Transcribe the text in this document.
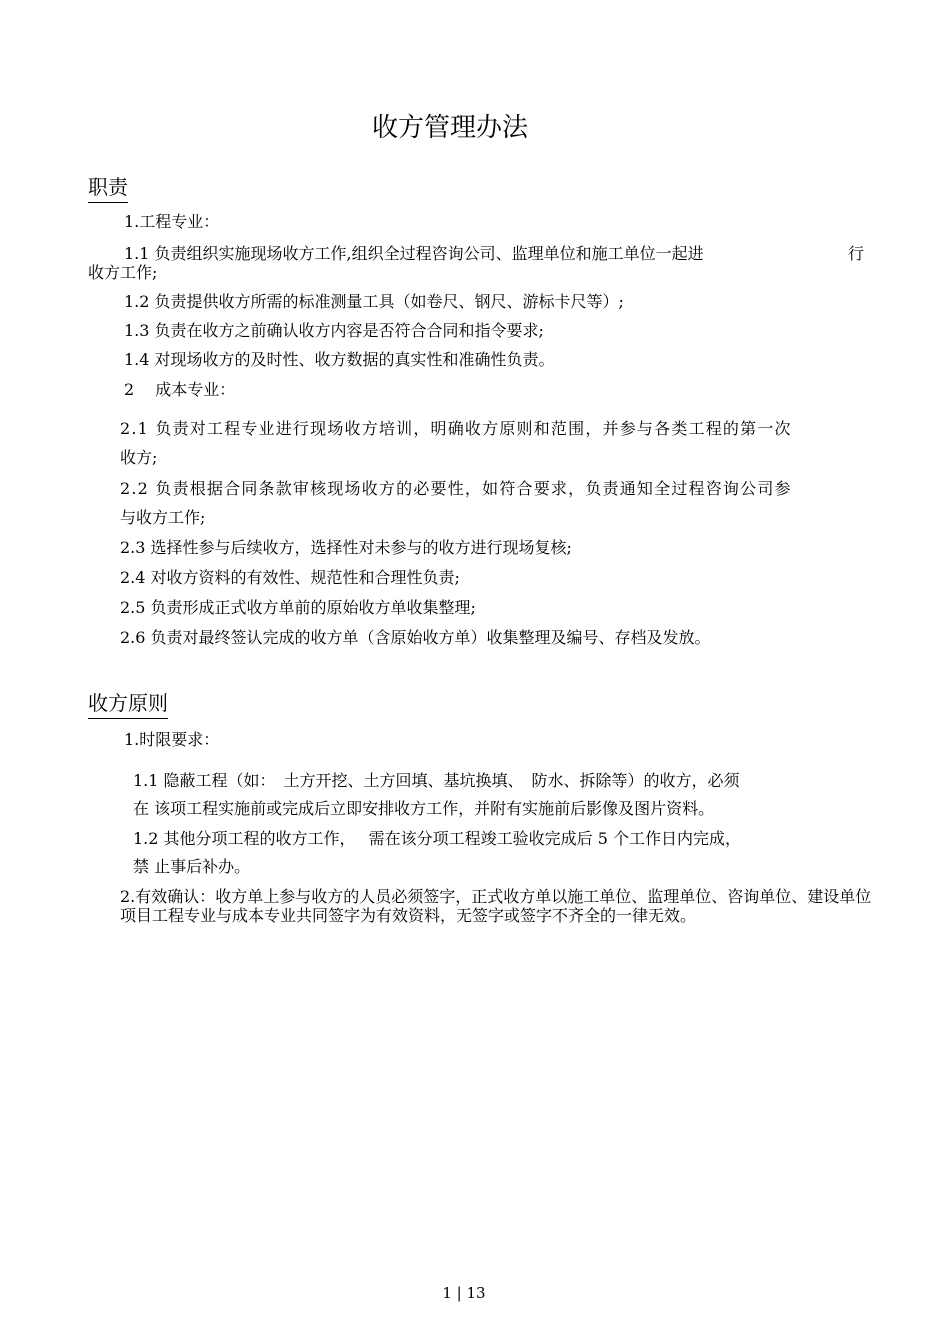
收方管理办法
职责
1.工程专业：
1.1 负责组织实施现场收方工作,组织全过程咨询公司、监理单位和施工单位一起进	行
收方工作;
1.2 负责提供收方所需的标准测量工具（如卷尺、钢尺、游标卡尺等）;
1.3 负责在收方之前确认收方内容是否符合合同和指令要求;
1.4 对现场收方的及时性、收方数据的真实性和准确性负责。
2　 成本专业：
2.1 负责对工程专业进行现场收方培训，明确收方原则和范围，并参与各类工程的第一次
收方;
2.2 负责根据合同条款审核现场收方的必要性，如符合要求，负责通知全过程咨询公司参
与收方工作;
2.3 选择性参与后续收方，选择性对未参与的收方进行现场复核;
2.4 对收方资料的有效性、规范性和合理性负责;
2.5 负责形成正式收方单前的原始收方单收集整理;
2.6 负责对最终签认完成的收方单（含原始收方单）收集整理及编号、存档及发放。
收方原则
1.时限要求：
1.1 隐蔽工程（如：　土方开挖、土方回填、基坑换填、　防水、拆除等）的收方，必须
在 该项工程实施前或完成后立即安排收方工作，并附有实施前后影像及图片资料。
1.2 其他分项工程的收方工作，　 需在该分项工程竣工验收完成后 5 个工作日内完成，
禁 止事后补办。
2.有效确认：收方单上参与收方的人员必须签字，正式收方单以施工单位、监理单位、咨询单位、建设单位项目工程专业与成本专业共同签字为有效资料，无签字或签字不齐全的一律无效。
1 | 13
